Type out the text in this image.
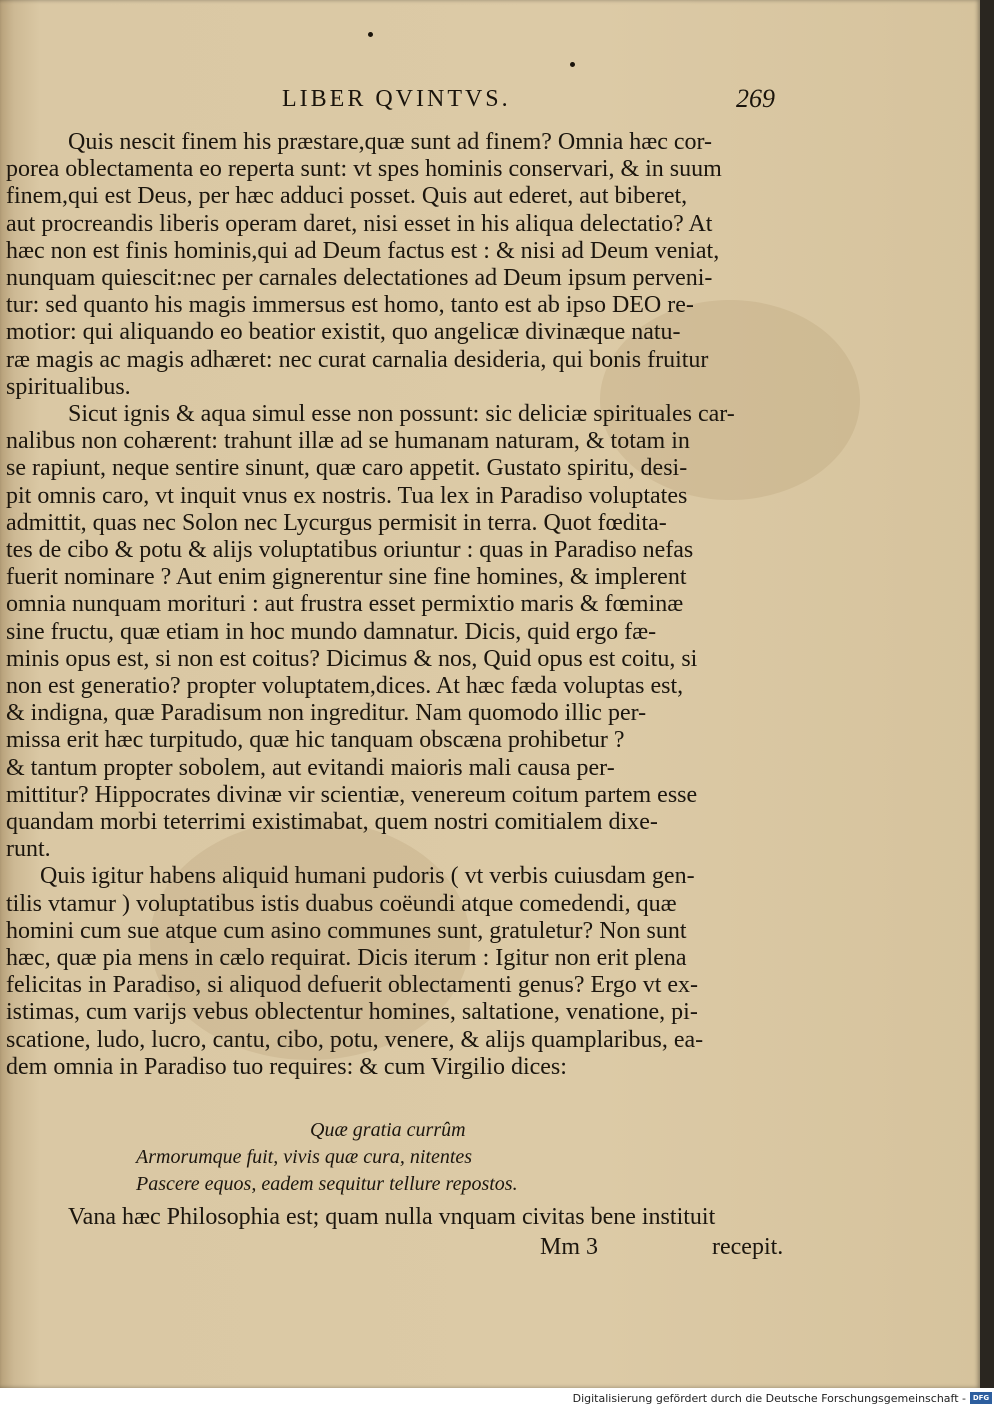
LIBER QVINTVS.	269
Quis nescit finem his præstare,quæ sunt ad finem? Omnia hæc cor-
porea oblectamenta eo reperta sunt: vt spes hominis conservari, & in suum
finem,qui est Deus, per hæc adduci posset. Quis aut ederet, aut biberet,
aut procreandis liberis operam daret, nisi esset in his aliqua delectatio? At
hæc non est finis hominis,qui ad Deum factus est : & nisi ad Deum veniat,
nunquam quiescit:nec per carnales delectationes ad Deum ipsum perveni-
tur: sed quanto his magis immersus est homo, tanto est ab ipso DEO re-
motior: qui aliquando eo beatior existit, quo angelicæ divinæque natu-
ræ magis ac magis adhæret: nec curat carnalia desideria, qui bonis fruitur
spiritualibus.
Sicut ignis & aqua simul esse non possunt: sic deliciæ spirituales car-
nalibus non cohærent: trahunt illæ ad se humanam naturam, & totam in
se rapiunt, neque sentire sinunt, quæ caro appetit. Gustato spiritu, desi-
pit omnis caro, vt inquit vnus ex nostris. Tua lex in Paradiso voluptates
admittit, quas nec Solon nec Lycurgus permisit in terra. Quot fœdita-
tes de cibo & potu & alijs voluptatibus oriuntur : quas in Paradiso nefas
fuerit nominare ? Aut enim gignerentur sine fine homines, & implerent
omnia nunquam morituri : aut frustra esset permixtio maris & fœminæ
sine fructu, quæ etiam in hoc mundo damnatur. Dicis, quid ergo fæ-
minis opus est, si non est coitus? Dicimus & nos, Quid opus est coitu, si
non est generatio? propter voluptatem,dices. At hæc fæda voluptas est,
& indigna, quæ Paradisum non ingreditur. Nam quomodo illic per-
missa erit hæc turpitudo, quæ hic tanquam obscæna prohibetur ?
& tantum propter sobolem, aut evitandi maioris mali causa per-
mittitur? Hippocrates divinæ vir scientiæ, venereum coitum partem esse
quandam morbi teterrimi existimabat, quem nostri comitialem dixe-
runt.
Quis igitur habens aliquid humani pudoris ( vt verbis cuiusdam gen-
tilis vtamur ) voluptatibus istis duabus coëundi atque comedendi, quæ
homini cum sue atque cum asino communes sunt, gratuletur? Non sunt
hæc, quæ pia mens in cælo requirat. Dicis iterum : Igitur non erit plena
felicitas in Paradiso, si aliquod defuerit oblectamenti genus? Ergo vt ex-
istimas, cum varijs vebus oblectentur homines, saltatione, venatione, pi-
scatione, ludo, lucro, cantu, cibo, potu, venere, & alijs quamplaribus, ea-
dem omnia in Paradiso tuo requires: & cum Virgilio dices:
Quæ gratia currûm
Armorumque fuit, vivis quæ cura, nitentes
Pascere equos, eadem sequitur tellure repostos.
Vana hæc Philosophia est; quam nulla vnquam civitas bene instituit
Mm 3	recepit.
Digitalisierung gefördert durch die Deutsche Forschungsgemeinschaft - DFG
